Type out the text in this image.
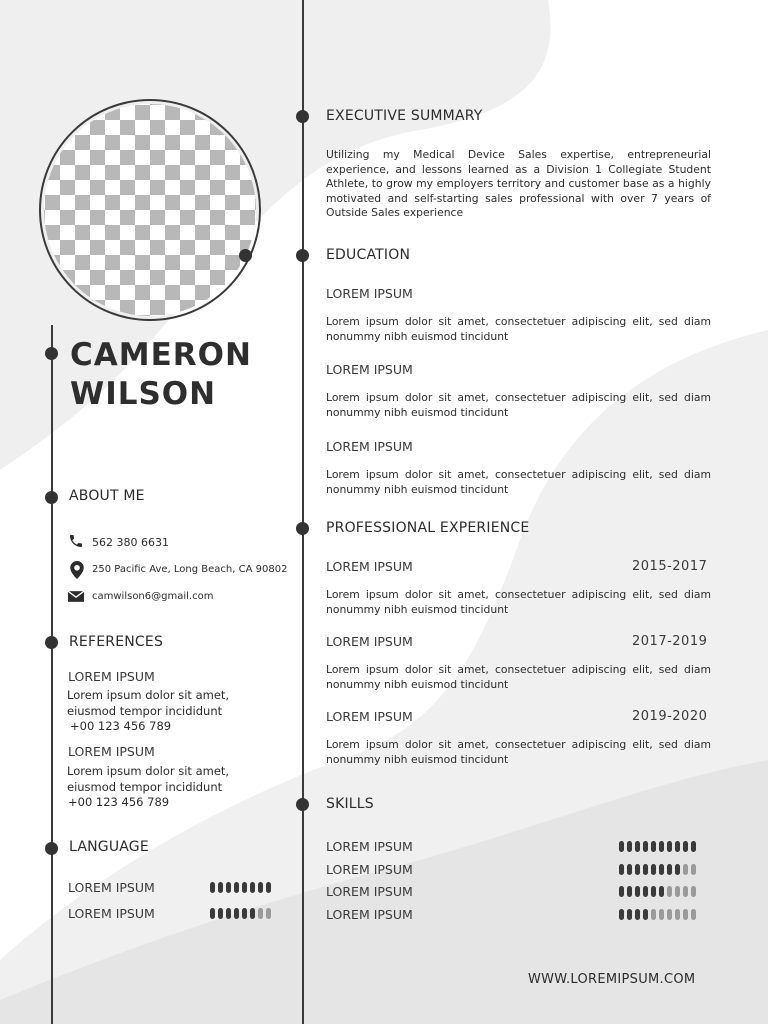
CAMERON
WILSON
ABOUT ME
562 380 6631
250 Pacific Ave, Long Beach, CA 90802
camwilson6@gmail.com
REFERENCES
LOREM IPSUM
Lorem ipsum dolor sit amet, eiusmod tempor incididunt
+00 123 456 789
LOREM IPSUM
Lorem ipsum dolor sit amet, eiusmod tempor incididunt
+00 123 456 789
LANGUAGE
LOREM IPSUM
LOREM IPSUM
EXECUTIVE SUMMARY
Utilizing my Medical Device Sales expertise, entrepreneurial experience, and lessons learned as a Division 1 Collegiate Student Athlete, to grow my employers territory and customer base as a highly motivated and self-starting sales professional with over 7 years of Outside Sales experience
EDUCATION
LOREM IPSUM
Lorem ipsum dolor sit amet, consectetuer adipiscing elit, sed diam nonummy nibh euismod tincidunt
LOREM IPSUM
Lorem ipsum dolor sit amet, consectetuer adipiscing elit, sed diam nonummy nibh euismod tincidunt
LOREM IPSUM
Lorem ipsum dolor sit amet, consectetuer adipiscing elit, sed diam nonummy nibh euismod tincidunt
PROFESSIONAL EXPERIENCE
LOREM IPSUM	2015-2017
Lorem ipsum dolor sit amet, consectetuer adipiscing elit, sed diam nonummy nibh euismod tincidunt
LOREM IPSUM	2017-2019
Lorem ipsum dolor sit amet, consectetuer adipiscing elit, sed diam nonummy nibh euismod tincidunt
LOREM IPSUM	2019-2020
Lorem ipsum dolor sit amet, consectetuer adipiscing elit, sed diam nonummy nibh euismod tincidunt
SKILLS
LOREM IPSUM
LOREM IPSUM
LOREM IPSUM
LOREM IPSUM
WWW.LOREMIPSUM.COM
